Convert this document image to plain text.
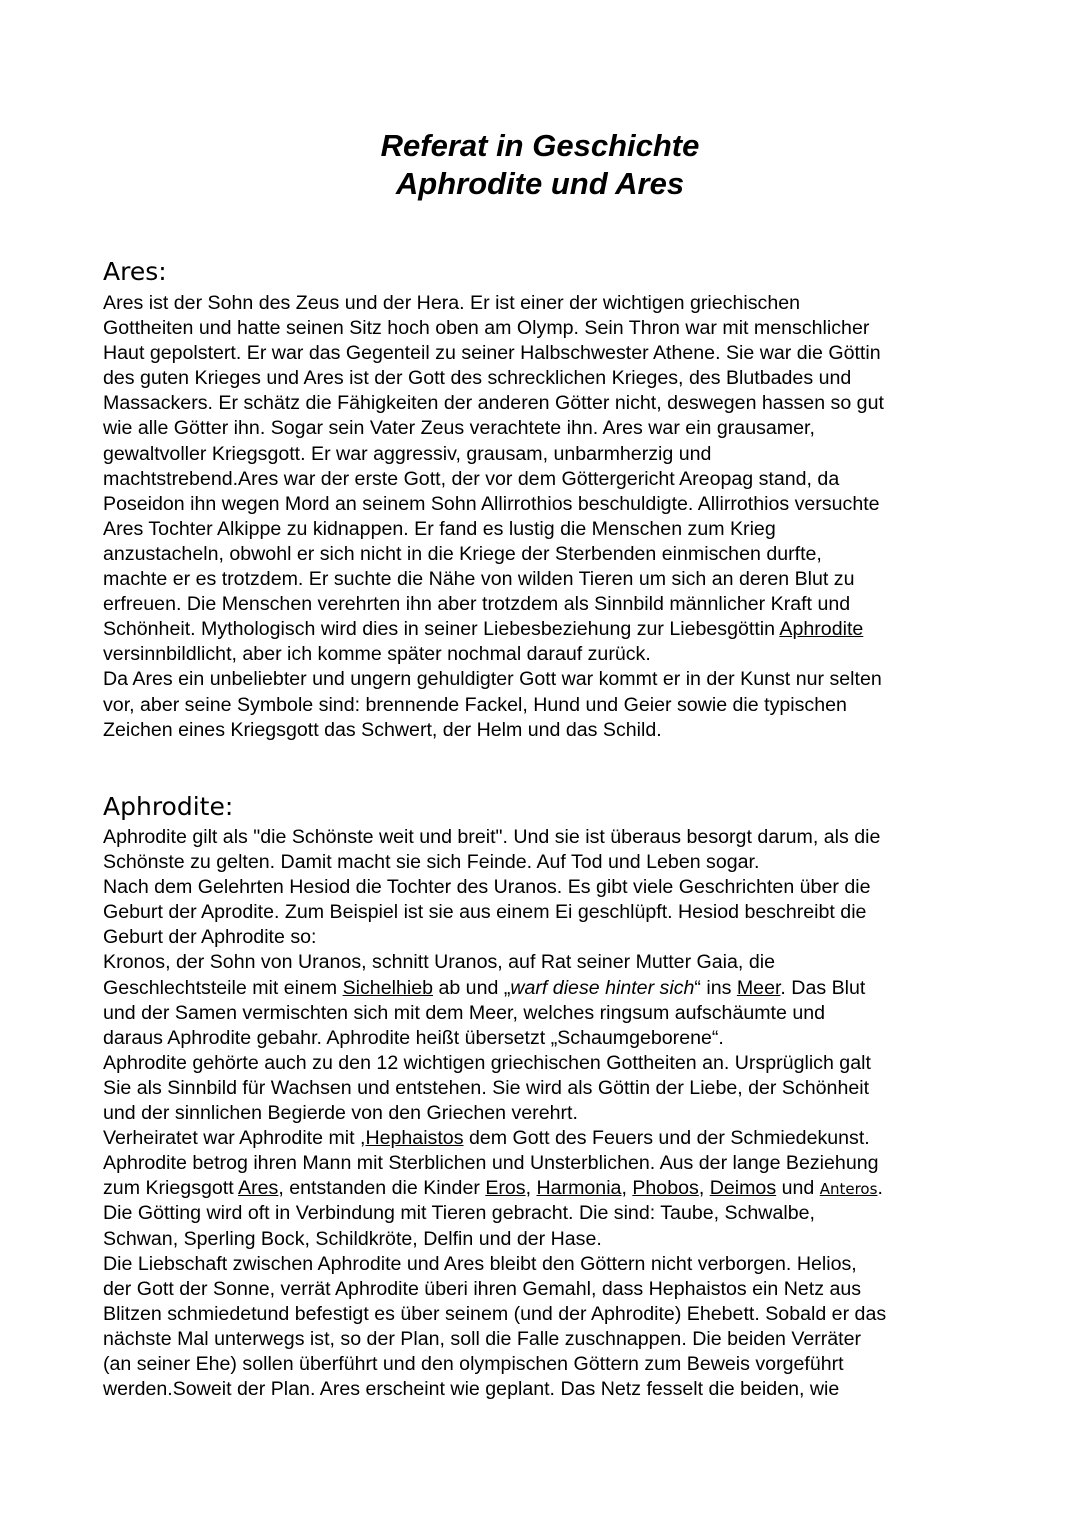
Referat in Geschichte
Aphrodite und Ares
Ares:
Ares ist der Sohn des Zeus und der Hera. Er ist einer der wichtigen griechischen
Gottheiten und hatte seinen Sitz hoch oben am Olymp. Sein Thron war mit menschlicher
Haut gepolstert. Er war das Gegenteil zu seiner Halbschwester Athene. Sie war die Göttin
des guten Krieges und Ares ist der Gott des schrecklichen Krieges, des Blutbades und
Massackers. Er schätz die Fähigkeiten der anderen Götter nicht, deswegen hassen so gut
wie alle Götter ihn. Sogar sein Vater Zeus verachtete ihn. Ares war ein grausamer,
gewaltvoller Kriegsgott. Er war aggressiv, grausam, unbarmherzig und
machtstrebend.Ares war der erste Gott, der vor dem Göttergericht Areopag stand, da
Poseidon ihn wegen Mord an seinem Sohn Allirrothios beschuldigte. Allirrothios versuchte
Ares Tochter Alkippe zu kidnappen. Er fand es lustig die Menschen zum Krieg
anzustacheln, obwohl er sich nicht in die Kriege der Sterbenden einmischen durfte,
machte er es trotzdem. Er suchte die Nähe von wilden Tieren um sich an deren Blut zu
erfreuen. Die Menschen verehrten ihn aber trotzdem als Sinnbild männlicher Kraft und
Schönheit. Mythologisch wird dies in seiner Liebesbeziehung zur Liebesgöttin Aphrodite
versinnbildlicht, aber ich komme später nochmal darauf zurück.
Da Ares ein unbeliebter und ungern gehuldigter Gott war kommt er in der Kunst nur selten
vor, aber seine Symbole sind: brennende Fackel, Hund und Geier sowie die typischen
Zeichen eines Kriegsgott das Schwert, der Helm und das Schild.
Aphrodite:
Aphrodite gilt als "die Schönste weit und breit". Und sie ist überaus besorgt darum, als die
Schönste zu gelten. Damit macht sie sich Feinde. Auf Tod und Leben sogar.
Nach dem Gelehrten Hesiod die Tochter des Uranos. Es gibt viele Geschrichten über die
Geburt der Aprodite. Zum Beispiel ist sie aus einem Ei geschlüpft. Hesiod beschreibt die
Geburt der Aphrodite so:
Kronos, der Sohn von Uranos, schnitt Uranos, auf Rat seiner Mutter Gaia, die
Geschlechtsteile mit einem Sichelhieb ab und „warf diese hinter sich“ ins Meer. Das Blut
und der Samen vermischten sich mit dem Meer, welches ringsum aufschäumte und
daraus Aphrodite gebahr. Aphrodite heißt übersetzt „Schaumgeborene“.
Aphrodite gehörte auch zu den 12 wichtigen griechischen Gottheiten an. Ursprüglich galt
Sie als Sinnbild für Wachsen und entstehen. Sie wird als Göttin der Liebe, der Schönheit
und der sinnlichen Begierde von den Griechen verehrt.
Verheiratet war Aphrodite mit ,Hephaistos dem Gott des Feuers und der Schmiedekunst.
Aphrodite betrog ihren Mann mit Sterblichen und Unsterblichen. Aus der lange Beziehung
zum Kriegsgott Ares, entstanden die Kinder Eros, Harmonia, Phobos, Deimos und Anteros.
Die Götting wird oft in Verbindung mit Tieren gebracht. Die sind: Taube, Schwalbe,
Schwan, Sperling Bock, Schildkröte, Delfin und der Hase.
Die Liebschaft zwischen Aphrodite und Ares bleibt den Göttern nicht verborgen. Helios,
der Gott der Sonne, verrät Aphrodite überi ihren Gemahl, dass Hephaistos ein Netz aus
Blitzen schmiedetund befestigt es über seinem (und der Aphrodite) Ehebett. Sobald er das
nächste Mal unterwegs ist, so der Plan, soll die Falle zuschnappen. Die beiden Verräter
(an seiner Ehe) sollen überführt und den olympischen Göttern zum Beweis vorgeführt
werden.Soweit der Plan. Ares erscheint wie geplant. Das Netz fesselt die beiden, wie
